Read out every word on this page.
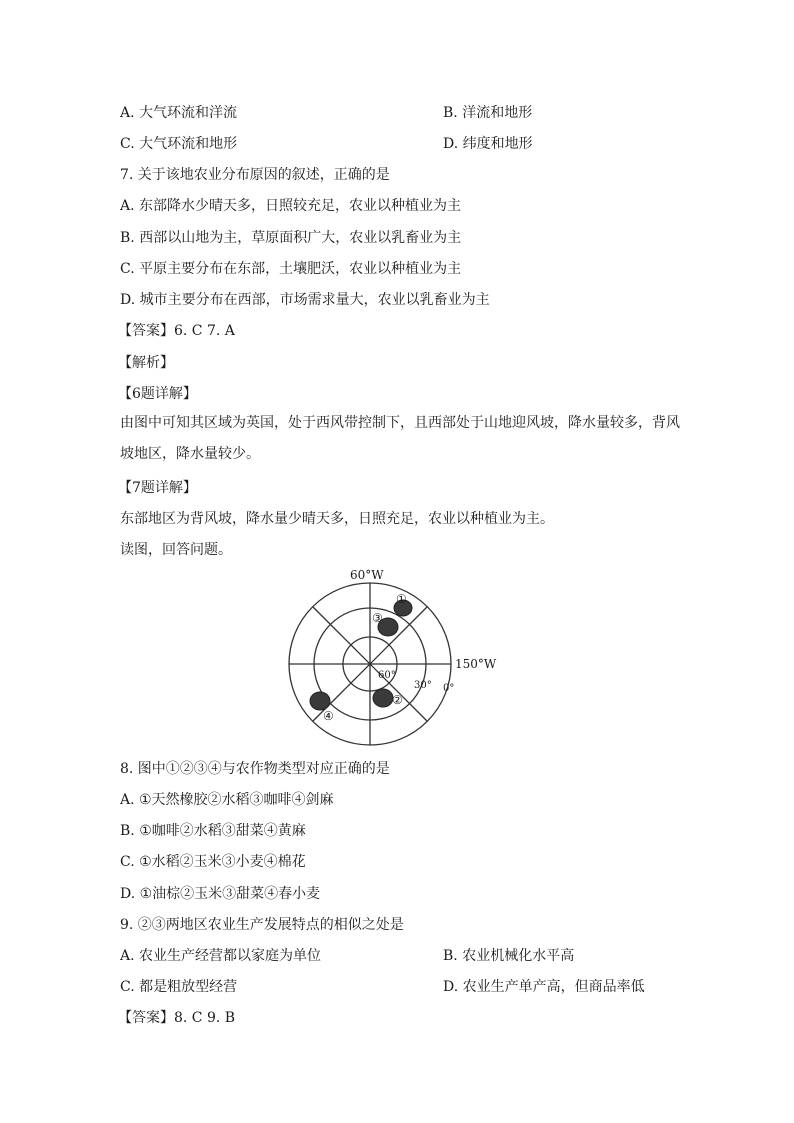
A. 大气环流和洋流	B. 洋流和地形
C. 大气环流和地形	D. 纬度和地形
7. 关于该地农业分布原因的叙述，正确的是
A. 东部降水少晴天多，日照较充足，农业以种植业为主
B. 西部以山地为主，草原面积广大，农业以乳畜业为主
C. 平原主要分布在东部，土壤肥沃，农业以种植业为主
D. 城市主要分布在西部，市场需求量大，农业以乳畜业为主
【答案】6. C 7. A
【解析】
【6题详解】
由图中可知其区域为英国，处于西风带控制下，且西部处于山地迎风坡，降水量较多，背风坡地区，降水量较少。
【7题详解】
东部地区为背风坡，降水量少晴天多，日照充足，农业以种植业为主。
读图，回答问题。
①
③
②
④
60°W
150°W
60°
30° 0°
8. 图中①②③④与农作物类型对应正确的是
A. ①天然橡胶②水稻③咖啡④剑麻
B. ①咖啡②水稻③甜菜④黄麻
C. ①水稻②玉米③小麦④棉花
D. ①油棕②玉米③甜菜④春小麦
9. ②③两地区农业生产发展特点的相似之处是
A. 农业生产经营都以家庭为单位	B. 农业机械化水平高
C. 都是粗放型经营	D. 农业生产单产高，但商品率低
【答案】8. C 9. B
